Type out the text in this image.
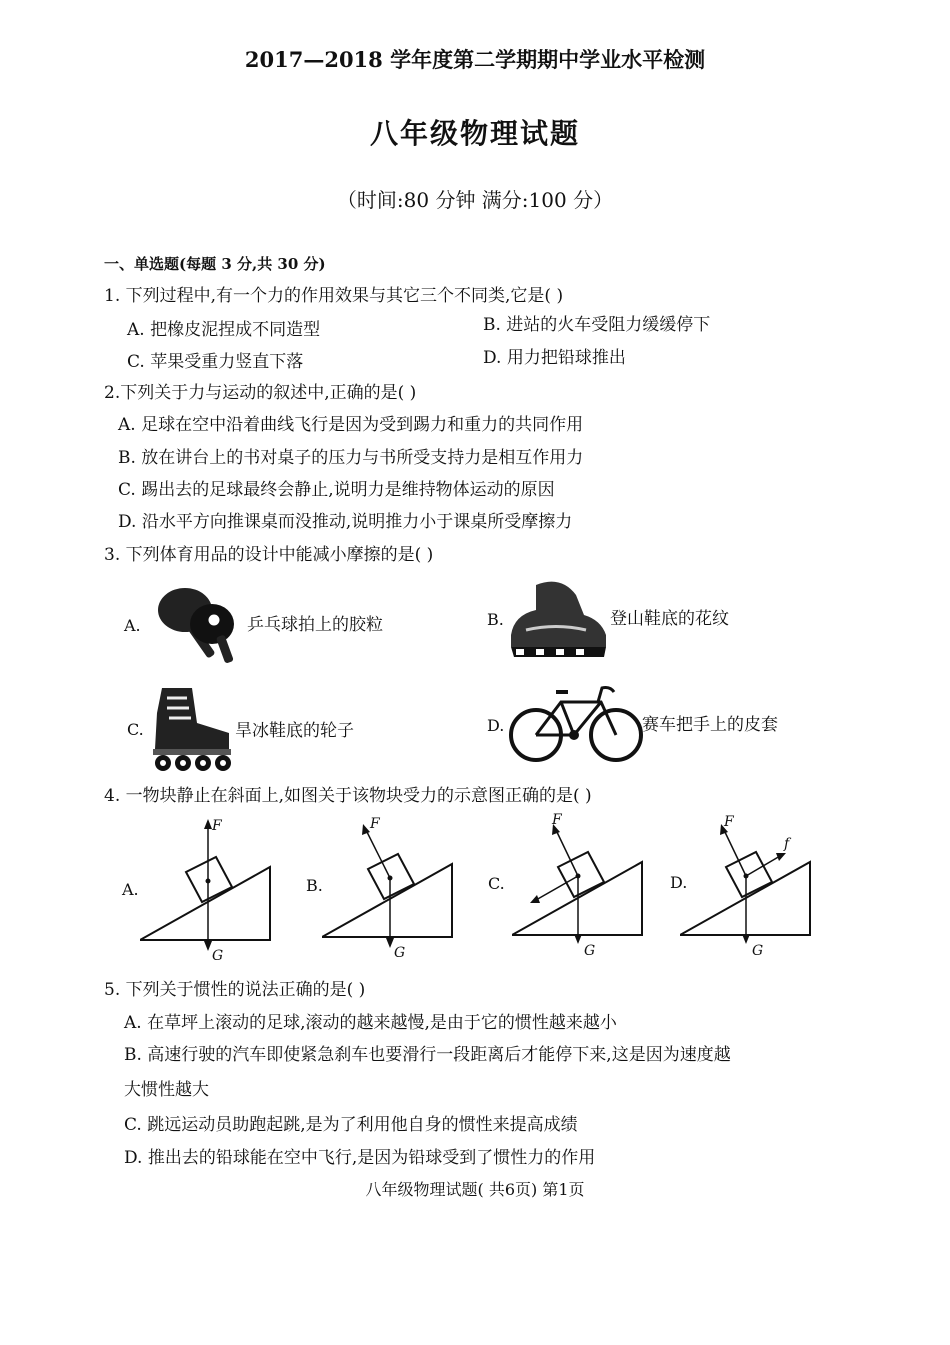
2017—2018 学年度第二学期期中学业水平检测
八年级物理试题
（时间:80 分钟 满分:100 分）
一、单选题(每题 3 分,共 30 分)
1. 下列过程中,有一个力的作用效果与其它三个不同类,它是( )
A. 把橡皮泥捏成不同造型	B. 进站的火车受阻力缓缓停下
C. 苹果受重力竖直下落	D. 用力把铅球推出
2.下列关于力与运动的叙述中,正确的是( )
A. 足球在空中沿着曲线飞行是因为受到踢力和重力的共同作用
B. 放在讲台上的书对桌子的压力与书所受支持力是相互作用力
C. 踢出去的足球最终会静止,说明力是维持物体运动的原因
D. 沿水平方向推课桌而没推动,说明推力小于课桌所受摩擦力
3. 下列体育用品的设计中能减小摩擦的是( )
A.	乒乓球拍上的胶粒	B.	登山鞋底的花纹
C.	旱冰鞋底的轮子	D.	赛车把手上的皮套
4. 一物块静止在斜面上,如图关于该物块受力的示意图正确的是( )
A.
F
G
B.
F
G
C.
F
G
D.
F
f
G
5. 下列关于惯性的说法正确的是( )
A. 在草坪上滚动的足球,滚动的越来越慢,是由于它的惯性越来越小
B. 高速行驶的汽车即使紧急刹车也要滑行一段距离后才能停下来,这是因为速度越
大惯性越大
C. 跳远运动员助跑起跳,是为了利用他自身的惯性来提高成绩
D. 推出去的铅球能在空中飞行,是因为铅球受到了惯性力的作用
八年级物理试题( 共6页) 第1页
